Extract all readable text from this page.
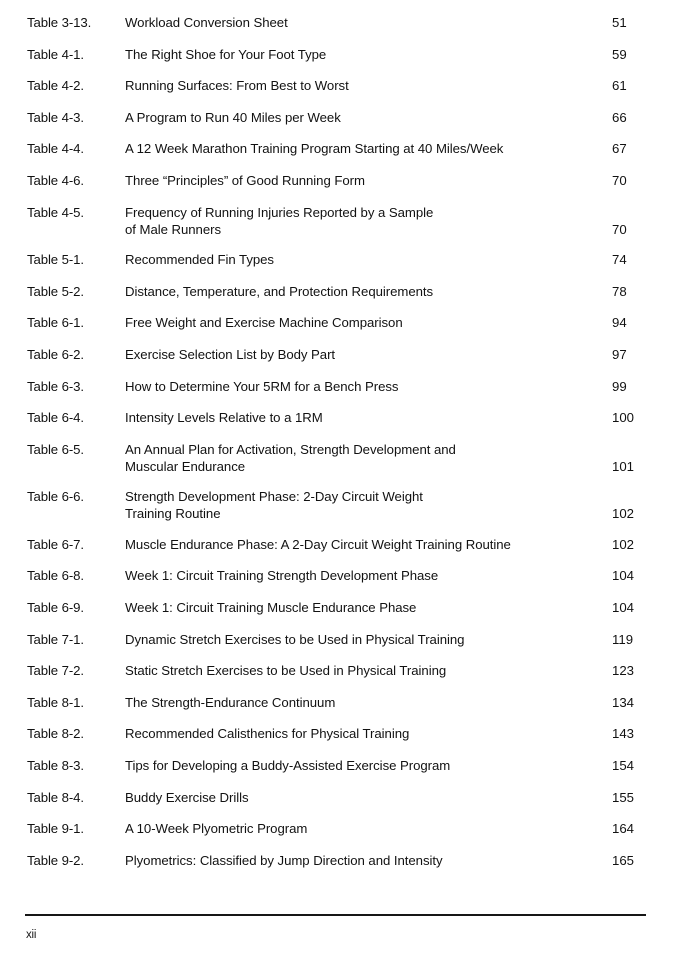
Table 3-13.	Workload Conversion Sheet	51
Table 4-1.	The Right Shoe for Your Foot Type	59
Table 4-2.	Running Surfaces: From Best to Worst	61
Table 4-3.	A Program to Run 40 Miles per Week	66
Table 4-4.	A 12 Week Marathon Training Program Starting at 40 Miles/Week	67
Table 4-6.	Three “Principles” of Good Running Form	70
Table 4-5.	Frequency of Running Injuries Reported by a Sample
of Male Runners	70
Table 5-1.	Recommended Fin Types	74
Table 5-2.	Distance, Temperature, and Protection Requirements	78
Table 6-1.	Free Weight and Exercise Machine Comparison	94
Table 6-2.	Exercise Selection List by Body Part	97
Table 6-3.	How to Determine Your 5RM for a Bench Press	99
Table 6-4.	Intensity Levels Relative to a 1RM	100
Table 6-5.	An Annual Plan for Activation, Strength Development and
Muscular Endurance	101
Table 6-6.	Strength Development Phase: 2-Day Circuit Weight
Training Routine	102
Table 6-7.	Muscle Endurance Phase: A 2-Day Circuit Weight Training Routine	102
Table 6-8.	Week 1: Circuit Training Strength Development Phase	104
Table 6-9.	Week 1: Circuit Training Muscle Endurance Phase	104
Table 7-1.	Dynamic Stretch Exercises to be Used in Physical Training	119
Table 7-2.	Static Stretch Exercises to be Used in Physical Training	123
Table 8-1.	The Strength-Endurance Continuum	134
Table 8-2.	Recommended Calisthenics for Physical Training	143
Table 8-3.	Tips for Developing a Buddy-Assisted Exercise Program	154
Table 8-4.	Buddy Exercise Drills	155
Table 9-1.	A 10-Week Plyometric Program	164
Table 9-2.	Plyometrics: Classified by Jump Direction and Intensity	165
xii
